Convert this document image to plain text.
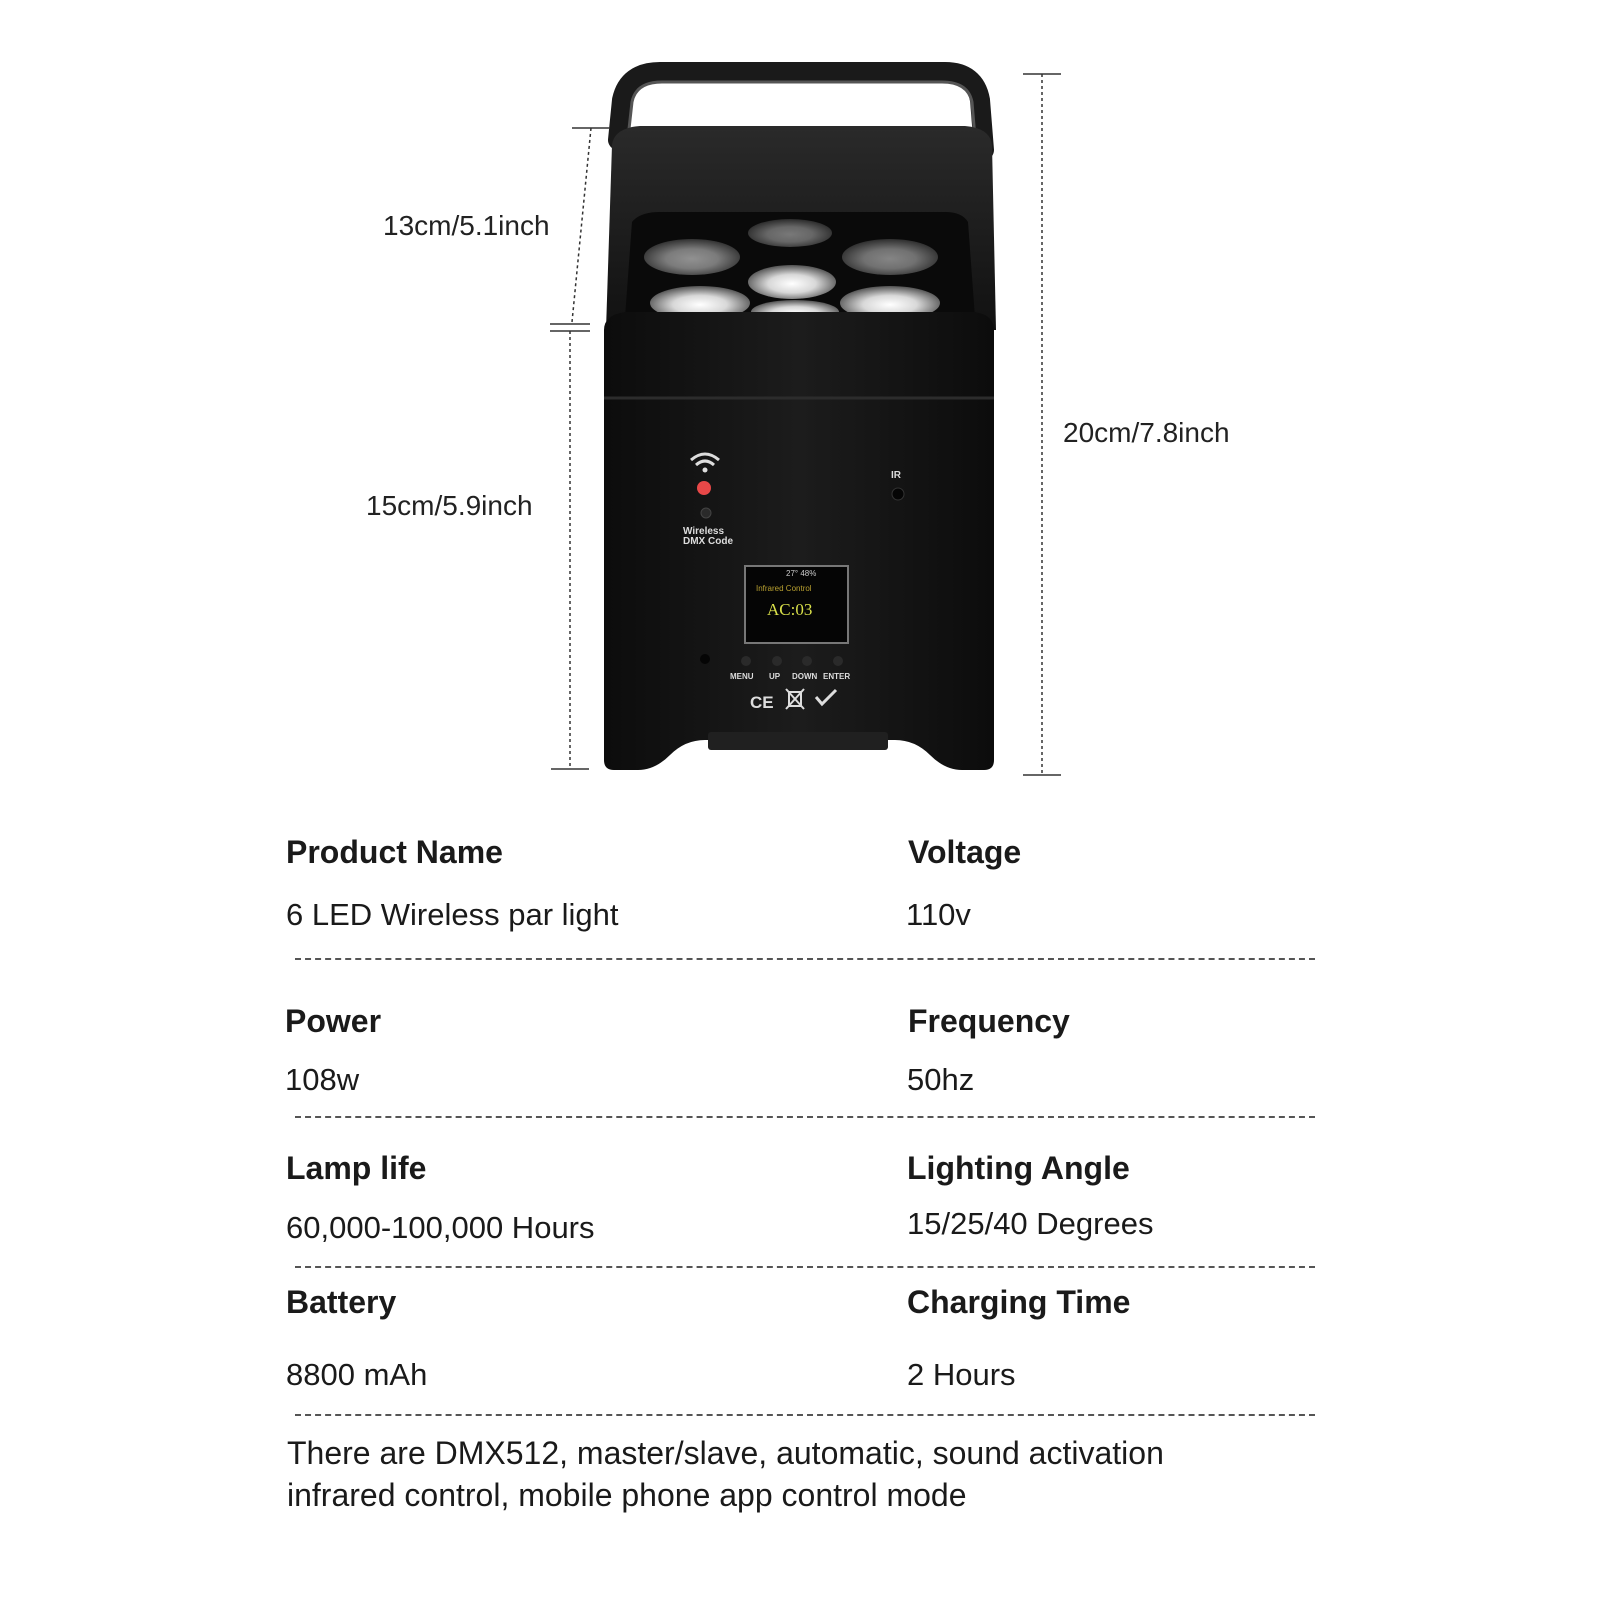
Wireless
DMX Code
IR
27° 48%
Infrared Control
AC:03
MENU UP DOWN ENTER
CE
13cm/5.1inch
15cm/5.9inch
20cm/7.8inch
Product Name
6 LED Wireless par light
Voltage
110v
Power
108w
Frequency
50hz
Lamp life
60,000-100,000 Hours
Lighting Angle
15/25/40 Degrees
Battery
8800 mAh
Charging Time
2 Hours
There are DMX512, master/slave, automatic, sound activation
infrared control, mobile phone app control mode
